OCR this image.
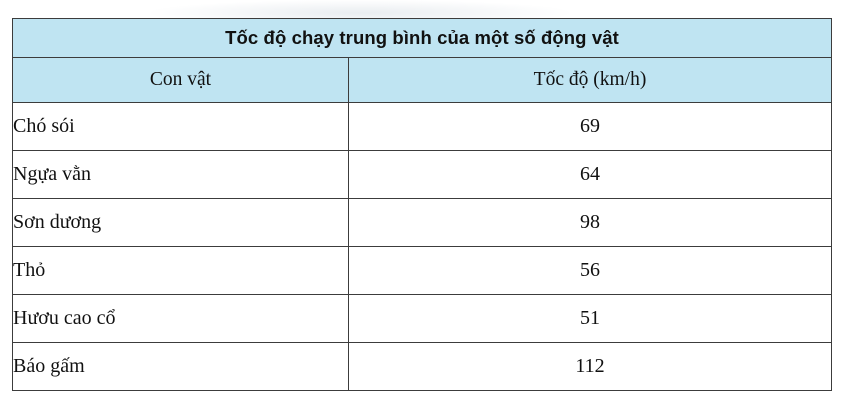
Tốc độ chạy trung bình của một số động vật	
Con vật	Tốc độ (km/h)
Chó sói	69
Ngựa vằn	64
Sơn dương	98
Thỏ	56
Hươu cao cổ	51
Báo gấm	112
